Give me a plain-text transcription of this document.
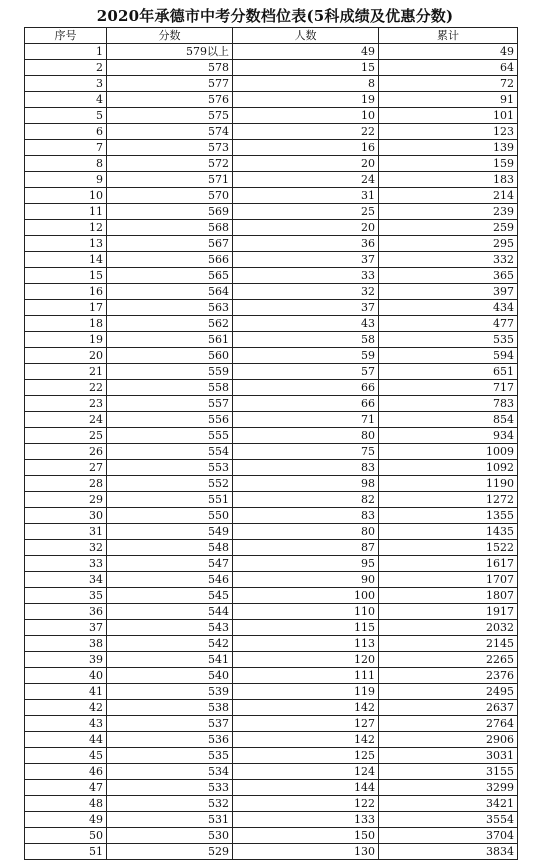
2020年承德市中考分数档位表(5科成绩及优惠分数)
序号	分数	人数	累计
1	579以上	49	49
2	578	15	64
3	577	8	72
4	576	19	91
5	575	10	101
6	574	22	123
7	573	16	139
8	572	20	159
9	571	24	183
10	570	31	214
11	569	25	239
12	568	20	259
13	567	36	295
14	566	37	332
15	565	33	365
16	564	32	397
17	563	37	434
18	562	43	477
19	561	58	535
20	560	59	594
21	559	57	651
22	558	66	717
23	557	66	783
24	556	71	854
25	555	80	934
26	554	75	1009
27	553	83	1092
28	552	98	1190
29	551	82	1272
30	550	83	1355
31	549	80	1435
32	548	87	1522
33	547	95	1617
34	546	90	1707
35	545	100	1807
36	544	110	1917
37	543	115	2032
38	542	113	2145
39	541	120	2265
40	540	111	2376
41	539	119	2495
42	538	142	2637
43	537	127	2764
44	536	142	2906
45	535	125	3031
46	534	124	3155
47	533	144	3299
48	532	122	3421
49	531	133	3554
50	530	150	3704
51	529	130	3834
